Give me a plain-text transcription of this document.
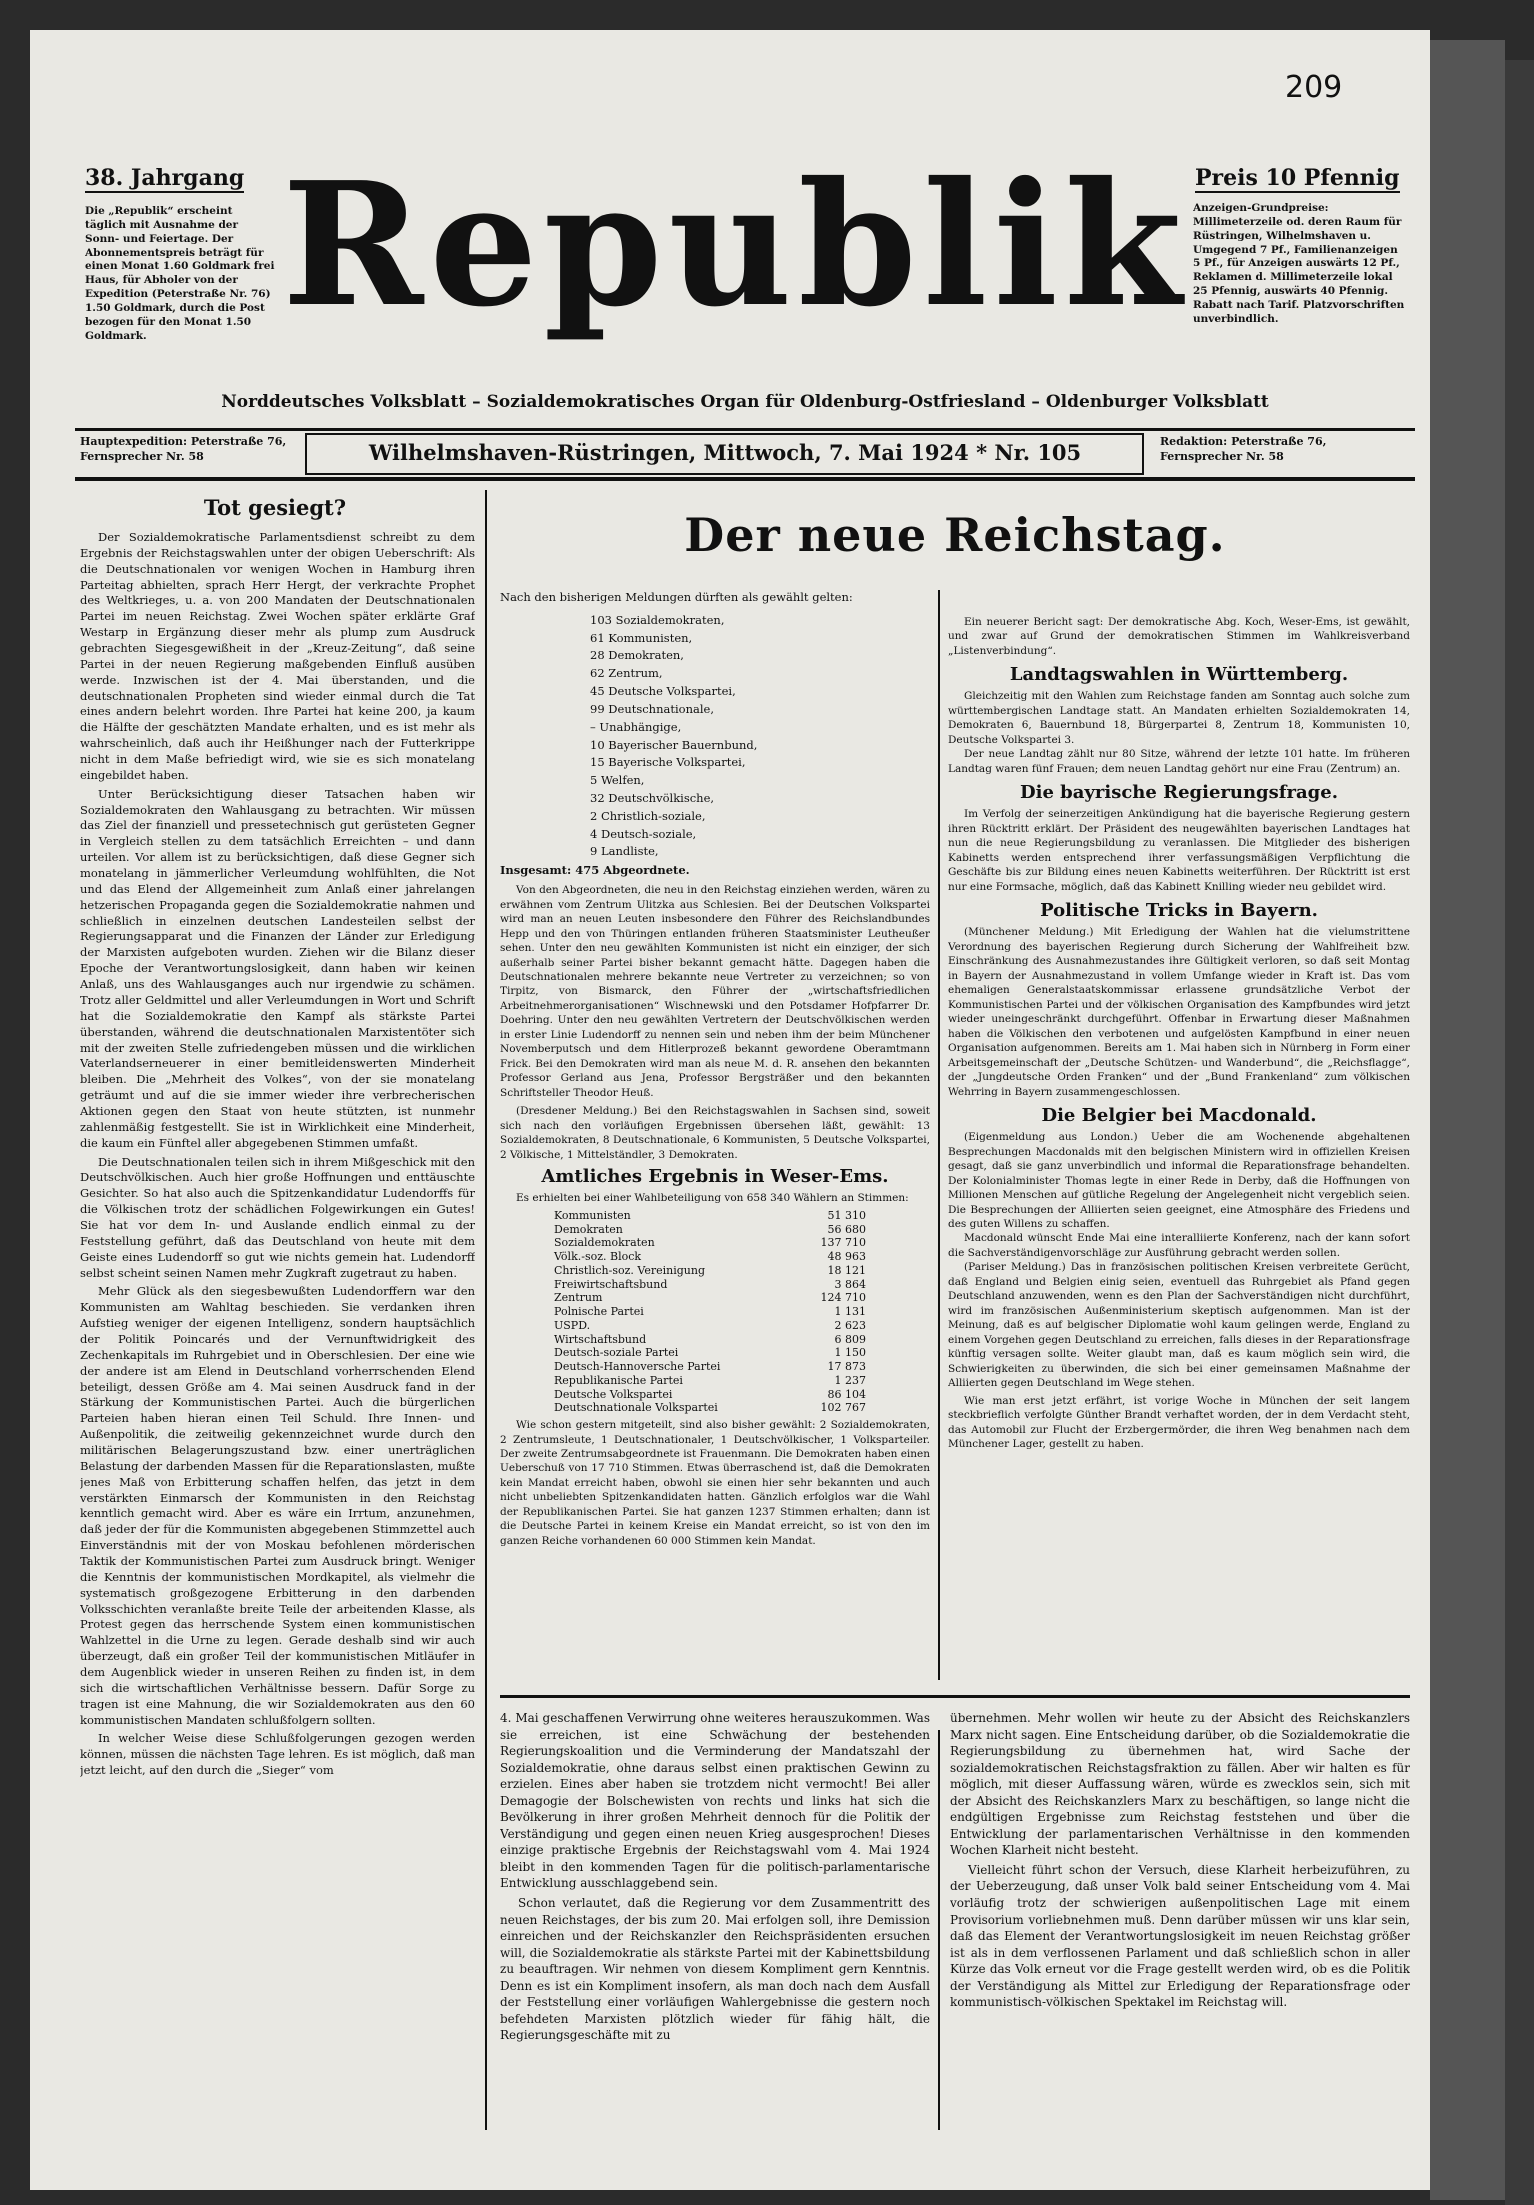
209
38. Jahrgang	Preis 10 Pfennig
Die „Republik“ erscheint täglich mit Ausnahme der Sonn- und Feiertage. Der Abonnementspreis beträgt für einen Monat 1.60 Goldmark frei Haus, für Abholer von der Expedition (Peterstraße Nr. 76) 1.50 Goldmark, durch die Post bezogen für den Monat 1.50 Goldmark.
Anzeigen-Grundpreise: Millimeterzeile od. deren Raum für Rüstringen, Wilhelmshaven u. Umgegend 7 Pf., Familienanzeigen 5 Pf., für Anzeigen auswärts 12 Pf., Reklamen d. Millimeterzeile lokal 25 Pfennig, auswärts 40 Pfennig. Rabatt nach Tarif. Platzvorschriften unverbindlich.
Republik
Norddeutsches Volksblatt – Sozialdemokratisches Organ für Oldenburg-Ostfriesland – Oldenburger Volksblatt
Hauptexpedition: Peterstraße 76, Fernsprecher Nr. 58	Wilhelmshaven-Rüstringen, Mittwoch, 7. Mai 1924 * Nr. 105	Redaktion: Peterstraße 76, Fernsprecher Nr. 58
Tot gesiegt?

Der Sozialdemokratische Parlamentsdienst schreibt zu dem Ergebnis der Reichstagswahlen unter der obigen Ueberschrift: Als die Deutschnationalen vor wenigen Wochen in Hamburg ihren Parteitag abhielten, sprach Herr Hergt, der verkrachte Prophet des Weltkrieges, u. a. von 200 Mandaten der Deutschnationalen Partei im neuen Reichstag. Zwei Wochen später erklärte Graf Westarp in Ergänzung dieser mehr als plump zum Ausdruck gebrachten Siegesgewißheit in der „Kreuz-Zeitung“, daß seine Partei in der neuen Regierung maßgebenden Einfluß ausüben werde. Inzwischen ist der 4. Mai überstanden, und die deutschnationalen Propheten sind wieder einmal durch die Tat eines andern belehrt worden. Ihre Partei hat keine 200, ja kaum die Hälfte der geschätzten Mandate erhalten, und es ist mehr als wahrscheinlich, daß auch ihr Heißhunger nach der Futterkrippe nicht in dem Maße befriedigt wird, wie sie es sich monatelang eingebildet haben.

Unter Berücksichtigung dieser Tatsachen haben wir Sozialdemokraten den Wahlausgang zu betrachten. Wir müssen das Ziel der finanziell und pressetechnisch gut gerüsteten Gegner in Vergleich stellen zu dem tatsächlich Erreichten – und dann urteilen. Vor allem ist zu berücksichtigen, daß diese Gegner sich monatelang in jämmerlicher Verleumdung wohlfühlten, die Not und das Elend der Allgemeinheit zum Anlaß einer jahrelangen hetzerischen Propaganda gegen die Sozialdemokratie nahmen und schließlich in einzelnen deutschen Landesteilen selbst der Regierungsapparat und die Finanzen der Länder zur Erledigung der Marxisten aufgeboten wurden. Ziehen wir die Bilanz dieser Epoche der Verantwortungslosigkeit, dann haben wir keinen Anlaß, uns des Wahlausganges auch nur irgendwie zu schämen. Trotz aller Geldmittel und aller Verleumdungen in Wort und Schrift hat die Sozialdemokratie den Kampf als stärkste Partei überstanden, während die deutschnationalen Marxistentöter sich mit der zweiten Stelle zufriedengeben müssen und die wirklichen Vaterlandserneuerer in einer bemitleidenswerten Minderheit bleiben. Die „Mehrheit des Volkes“, von der sie monatelang geträumt und auf die sie immer wieder ihre verbrecherischen Aktionen gegen den Staat von heute stützten, ist nunmehr zahlenmäßig festgestellt. Sie ist in Wirklichkeit eine Minderheit, die kaum ein Fünftel aller abgegebenen Stimmen umfaßt.

Die Deutschnationalen teilen sich in ihrem Mißgeschick mit den Deutschvölkischen. Auch hier große Hoffnungen und enttäuschte Gesichter. So hat also auch die Spitzenkandidatur Ludendorffs für die Völkischen trotz der schädlichen Folgewirkungen ein Gutes! Sie hat vor dem In- und Auslande endlich einmal zu der Feststellung geführt, daß das Deutschland von heute mit dem Geiste eines Ludendorff so gut wie nichts gemein hat. Ludendorff selbst scheint seinen Namen mehr Zugkraft zugetraut zu haben.

Mehr Glück als den siegesbewußten Ludendorffern war den Kommunisten am Wahltag beschieden. Sie verdanken ihren Aufstieg weniger der eigenen Intelligenz, sondern hauptsächlich der Politik Poincarés und der Vernunftwidrigkeit des Zechenkapitals im Ruhrgebiet und in Oberschlesien. Der eine wie der andere ist am Elend in Deutschland vorherrschenden Elend beteiligt, dessen Größe am 4. Mai seinen Ausdruck fand in der Stärkung der Kommunistischen Partei. Auch die bürgerlichen Parteien haben hieran einen Teil Schuld. Ihre Innen- und Außenpolitik, die zeitweilig gekennzeichnet wurde durch den militärischen Belagerungszustand bzw. einer unerträglichen Belastung der darbenden Massen für die Reparationslasten, mußte jenes Maß von Erbitterung schaffen helfen, das jetzt in dem verstärkten Einmarsch der Kommunisten in den Reichstag kenntlich gemacht wird. Aber es wäre ein Irrtum, anzunehmen, daß jeder der für die Kommunisten abgegebenen Stimmzettel auch Einverständnis mit der von Moskau befohlenen mörderischen Taktik der Kommunistischen Partei zum Ausdruck bringt. Weniger die Kenntnis der kommunistischen Mordkapitel, als vielmehr die systematisch großgezogene Erbitterung in den darbenden Volksschichten veranlaßte breite Teile der arbeitenden Klasse, als Protest gegen das herrschende System einen kommunistischen Wahlzettel in die Urne zu legen. Gerade deshalb sind wir auch überzeugt, daß ein großer Teil der kommunistischen Mitläufer in dem Augenblick wieder in unseren Reihen zu finden ist, in dem sich die wirtschaftlichen Verhältnisse bessern. Dafür Sorge zu tragen ist eine Mahnung, die wir Sozialdemokraten aus den 60 kommunistischen Mandaten schlußfolgern sollten.

In welcher Weise diese Schlußfolgerungen gezogen werden können, müssen die nächsten Tage lehren. Es ist möglich, daß man jetzt leicht, auf den durch die „Sieger“ vom

Der neue Reichstag.
Nach den bisherigen Meldungen dürften als gewählt gelten:
103 Sozialdemokraten,
61 Kommunisten,
28 Demokraten,
62 Zentrum,
45 Deutsche Volkspartei,
99 Deutschnationale,
– Unabhängige,
10 Bayerischer Bauernbund,
15 Bayerische Volkspartei,
5 Welfen,
32 Deutschvölkische,
2 Christlich-soziale,
4 Deutsch-soziale,
9 Landliste,
Insgesamt: 475 Abgeordnete.
Von den Abgeordneten, die neu in den Reichstag einziehen werden, wären zu erwähnen vom Zentrum Ulitzka aus Schlesien. Bei der Deutschen Volkspartei wird man an neuen Leuten insbesondere den Führer des Reichslandbundes Hepp und den von Thüringen entlanden früheren Staatsminister Leutheußer sehen. Unter den neu gewählten Kommunisten ist nicht ein einziger, der sich außerhalb seiner Partei bisher bekannt gemacht hätte. Dagegen haben die Deutschnationalen mehrere bekannte neue Vertreter zu verzeichnen; so von Tirpitz, von Bismarck, den Führer der „wirtschaftsfriedlichen Arbeitnehmerorganisationen“ Wischnewski und den Potsdamer Hofpfarrer Dr. Doehring. Unter den neu gewählten Vertretern der Deutschvölkischen werden in erster Linie Ludendorff zu nennen sein und neben ihm der beim Münchener Novemberputsch und dem Hitlerprozeß bekannt gewordene Oberamtmann Frick. Bei den Demokraten wird man als neue M. d. R. ansehen den bekannten Professor Gerland aus Jena, Professor Bergsträßer und den bekannten Schriftsteller Theodor Heuß.
(Dresdener Meldung.) Bei den Reichstagswahlen in Sachsen sind, soweit sich nach den vorläufigen Ergebnissen übersehen läßt, gewählt: 13 Sozialdemokraten, 8 Deutschnationale, 6 Kommunisten, 5 Deutsche Volkspartei, 2 Völkische, 1 Mittelständler, 3 Demokraten.
Amtliches Ergebnis in Weser-Ems.
Es erhielten bei einer Wahlbeteiligung von 658 340 Wählern an Stimmen:
Kommunisten	51 310
Demokraten	56 680
Sozialdemokraten	137 710
Völk.-soz. Block	48 963
Christlich-soz. Vereinigung	18 121
Freiwirtschaftsbund	3 864
Zentrum	124 710
Polnische Partei	1 131
USPD.	2 623
Wirtschaftsbund	6 809
Deutsch-soziale Partei	1 150
Deutsch-Hannoversche Partei	17 873
Republikanische Partei	1 237
Deutsche Volkspartei	86 104
Deutschnationale Volkspartei	102 767
Wie schon gestern mitgeteilt, sind also bisher gewählt: 2 Sozialdemokraten, 2 Zentrumsleute, 1 Deutschnationaler, 1 Deutschvölkischer, 1 Volksparteiler. Der zweite Zentrumsabgeordnete ist Frauenmann. Die Demokraten haben einen Ueberschuß von 17 710 Stimmen. Etwas überraschend ist, daß die Demokraten kein Mandat erreicht haben, obwohl sie einen hier sehr bekannten und auch nicht unbeliebten Spitzenkandidaten hatten. Gänzlich erfolglos war die Wahl der Republikanischen Partei. Sie hat ganzen 1237 Stimmen erhalten; dann ist die Deutsche Partei in keinem Kreise ein Mandat erreicht, so ist von den im ganzen Reiche vorhandenen 60 000 Stimmen kein Mandat.
Ein neuerer Bericht sagt: Der demokratische Abg. Koch, Weser-Ems, ist gewählt, und zwar auf Grund der demokratischen Stimmen im Wahlkreisverband „Listenverbindung“.
Landtagswahlen in Württemberg.
Gleichzeitig mit den Wahlen zum Reichstage fanden am Sonntag auch solche zum württembergischen Landtage statt. An Mandaten erhielten Sozialdemokraten 14, Demokraten 6, Bauernbund 18, Bürgerpartei 8, Zentrum 18, Kommunisten 10, Deutsche Volkspartei 3.
Der neue Landtag zählt nur 80 Sitze, während der letzte 101 hatte. Im früheren Landtag waren fünf Frauen; dem neuen Landtag gehört nur eine Frau (Zentrum) an.
Die bayrische Regierungsfrage.
Im Verfolg der seinerzeitigen Ankündigung hat die bayerische Regierung gestern ihren Rücktritt erklärt. Der Präsident des neugewählten bayerischen Landtages hat nun die neue Regierungsbildung zu veranlassen. Die Mitglieder des bisherigen Kabinetts werden entsprechend ihrer verfassungsmäßigen Verpflichtung die Geschäfte bis zur Bildung eines neuen Kabinetts weiterführen. Der Rücktritt ist erst nur eine Formsache, möglich, daß das Kabinett Knilling wieder neu gebildet wird.
Politische Tricks in Bayern.
(Münchener Meldung.) Mit Erledigung der Wahlen hat die vielumstrittene Verordnung des bayerischen Regierung durch Sicherung der Wahlfreiheit bzw. Einschränkung des Ausnahmezustandes ihre Gültigkeit verloren, so daß seit Montag in Bayern der Ausnahmezustand in vollem Umfange wieder in Kraft ist. Das vom ehemaligen Generalstaatskommissar erlassene grundsätzliche Verbot der Kommunistischen Partei und der völkischen Organisation des Kampfbundes wird jetzt wieder uneingeschränkt durchgeführt. Offenbar in Erwartung dieser Maßnahmen haben die Völkischen den verbotenen und aufgelösten Kampfbund in einer neuen Organisation aufgenommen. Bereits am 1. Mai haben sich in Nürnberg in Form einer Arbeitsgemeinschaft der „Deutsche Schützen- und Wanderbund“, die „Reichsflagge“, der „Jungdeutsche Orden Franken“ und der „Bund Frankenland“ zum völkischen Wehrring in Bayern zusammengeschlossen.
Die Belgier bei Macdonald.
(Eigenmeldung aus London.) Ueber die am Wochenende abgehaltenen Besprechungen Macdonalds mit den belgischen Ministern wird in offiziellen Kreisen gesagt, daß sie ganz unverbindlich und informal die Reparationsfrage behandelten. Der Kolonialminister Thomas legte in einer Rede in Derby, daß die Hoffnungen von Millionen Menschen auf gütliche Regelung der Angelegenheit nicht vergeblich seien. Die Besprechungen der Alliierten seien geeignet, eine Atmosphäre des Friedens und des guten Willens zu schaffen.
Macdonald wünscht Ende Mai eine interalliierte Konferenz, nach der kann sofort die Sachverständigenvorschläge zur Ausführung gebracht werden sollen.
(Pariser Meldung.) Das in französischen politischen Kreisen verbreitete Gerücht, daß England und Belgien einig seien, eventuell das Ruhrgebiet als Pfand gegen Deutschland anzuwenden, wenn es den Plan der Sachverständigen nicht durchführt, wird im französischen Außenministerium skeptisch aufgenommen. Man ist der Meinung, daß es auf belgischer Diplomatie wohl kaum gelingen werde, England zu einem Vorgehen gegen Deutschland zu erreichen, falls dieses in der Reparationsfrage künftig versagen sollte. Weiter glaubt man, daß es kaum möglich sein wird, die Schwierigkeiten zu überwinden, die sich bei einer gemeinsamen Maßnahme der Alliierten gegen Deutschland im Wege stehen.
Wie man erst jetzt erfährt, ist vorige Woche in München der seit langem steckbrieflich verfolgte Günther Brandt verhaftet worden, der in dem Verdacht steht, das Automobil zur Flucht der Erzbergermörder, die ihren Weg benahmen nach dem Münchener Lager, gestellt zu haben.

4. Mai geschaffenen Verwirrung ohne weiteres herauszukommen. Was sie erreichen, ist eine Schwächung der bestehenden Regierungskoalition und die Verminderung der Mandatszahl der Sozialdemokratie, ohne daraus selbst einen praktischen Gewinn zu erzielen. Eines aber haben sie trotzdem nicht vermocht! Bei aller Demagogie der Bolschewisten von rechts und links hat sich die Bevölkerung in ihrer großen Mehrheit dennoch für die Politik der Verständigung und gegen einen neuen Krieg ausgesprochen! Dieses einzige praktische Ergebnis der Reichstagswahl vom 4. Mai 1924 bleibt in den kommenden Tagen für die politisch-parlamentarische Entwicklung ausschlaggebend sein.

Schon verlautet, daß die Regierung vor dem Zusammentritt des neuen Reichstages, der bis zum 20. Mai erfolgen soll, ihre Demission einreichen und der Reichskanzler den Reichspräsidenten ersuchen will, die Sozialdemokratie als stärkste Partei mit der Kabinettsbildung zu beauftragen. Wir nehmen von diesem Kompliment gern Kenntnis. Denn es ist ein Kompliment insofern, als man doch nach dem Ausfall der Feststellung einer vorläufigen Wahlergebnisse die gestern noch befehdeten Marxisten plötzlich wieder für fähig hält, die Regierungsgeschäfte mit zu

übernehmen. Mehr wollen wir heute zu der Absicht des Reichskanzlers Marx nicht sagen. Eine Entscheidung darüber, ob die Sozialdemokratie die Regierungsbildung zu übernehmen hat, wird Sache der sozialdemokratischen Reichstagsfraktion zu fällen. Aber wir halten es für möglich, mit dieser Auffassung wären, würde es zwecklos sein, sich mit der Absicht des Reichskanzlers Marx zu beschäftigen, so lange nicht die endgültigen Ergebnisse zum Reichstag feststehen und über die Entwicklung der parlamentarischen Verhältnisse in den kommenden Wochen Klarheit nicht besteht.

Vielleicht führt schon der Versuch, diese Klarheit herbeizuführen, zu der Ueberzeugung, daß unser Volk bald seiner Entscheidung vom 4. Mai vorläufig trotz der schwierigen außenpolitischen Lage mit einem Provisorium vorliebnehmen muß. Denn darüber müssen wir uns klar sein, daß das Element der Verantwortungslosigkeit im neuen Reichstag größer ist als in dem verflossenen Parlament und daß schließlich schon in aller Kürze das Volk erneut vor die Frage gestellt werden wird, ob es die Politik der Verständigung als Mittel zur Erledigung der Reparationsfrage oder kommunistisch-völkischen Spektakel im Reichstag will.
